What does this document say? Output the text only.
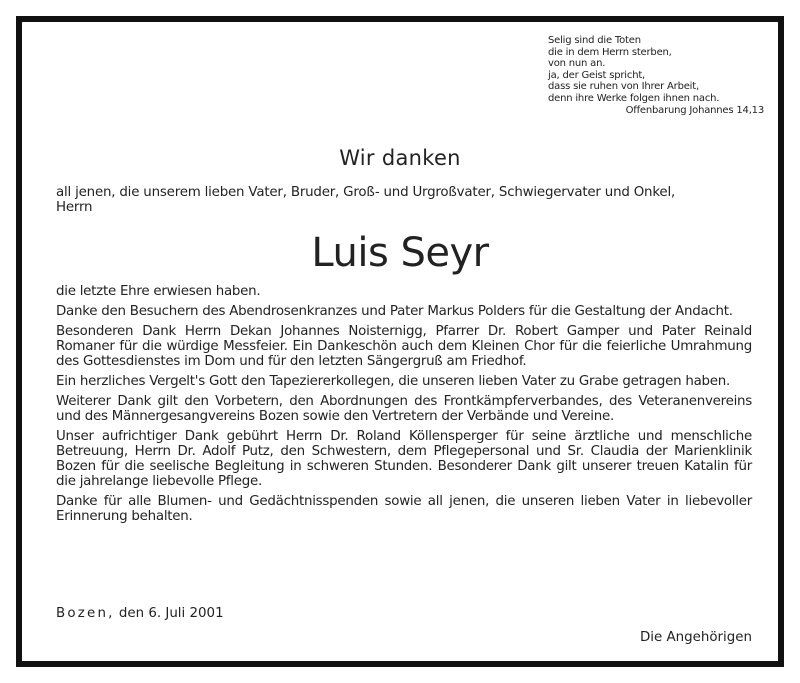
Selig sind die Toten
die in dem Herrn sterben,
von nun an.
ja, der Geist spricht,
dass sie ruhen von Ihrer Arbeit,
denn ihre Werke folgen ihnen nach.
Offenbarung Johannes 14,13
Wir danken
all jenen, die unserem lieben Vater, Bruder, Groß- und Urgroßvater, Schwiegervater und Onkel,
Herrn
Luis Seyr

die letzte Ehre erwiesen haben.

Danke den Besuchern des Abendrosenkranzes und Pater Markus Polders für die Gestaltung der Andacht.

Besonderen Dank Herrn Dekan Johannes Noisternigg, Pfarrer Dr. Robert Gamper und Pater Reinald Romaner für die würdige Messfeier. Ein Dankeschön auch dem Kleinen Chor für die feierliche Umrahmung des Gottesdienstes im Dom und für den letzten Sängergruß am Friedhof.

Ein herzliches Vergelt's Gott den Tapeziererkollegen, die unseren lieben Vater zu Grabe getragen haben.

Weiterer Dank gilt den Vorbetern, den Abordnungen des Frontkämpferverbandes, des Veteranenvereins und des Männergesangvereins Bozen sowie den Vertretern der Verbände und Vereine.

Unser aufrichtiger Dank gebührt Herrn Dr. Roland Köllensperger für seine ärztliche und menschliche Betreuung, Herrn Dr. Adolf Putz, den Schwestern, dem Pflegepersonal und Sr. Claudia der Marienklinik Bozen für die seelische Begleitung in schweren Stunden. Besonderer Dank gilt unserer treuen Katalin für die jahrelange liebevolle Pflege.

Danke für alle Blumen- und Gedächtnisspenden sowie all jenen, die unseren lieben Vater in liebevoller Erinnerung behalten.

Bozen, den 6. Juli 2001
Die Angehörigen
